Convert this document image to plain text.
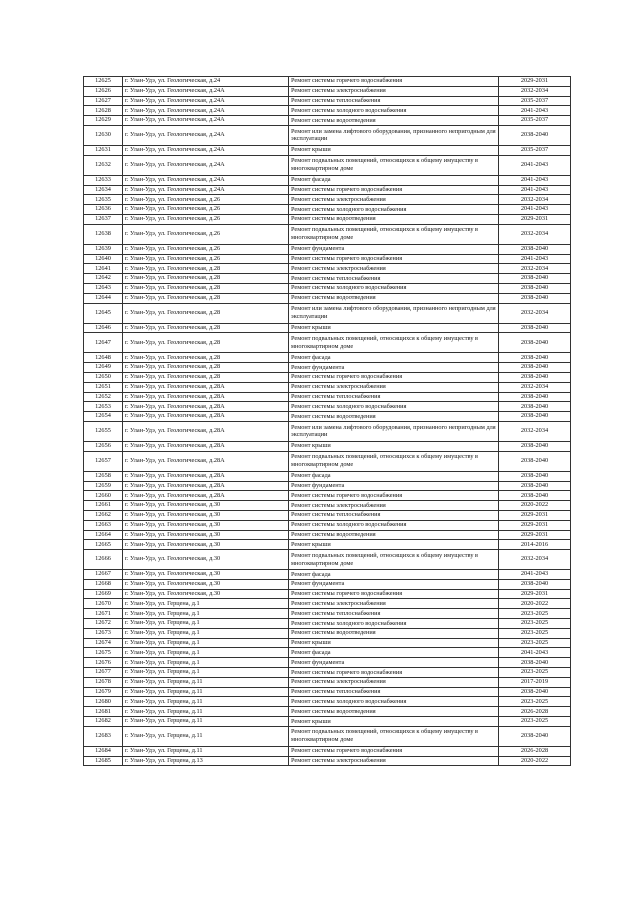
12625	г. Улан-Удэ, ул. Геологическая, д.24	Ремонт системы горячего водоснабжения	2029-2031
12626	г. Улан-Удэ, ул. Геологическая, д.24А	Ремонт системы электроснабжения	2032-2034
12627	г. Улан-Удэ, ул. Геологическая, д.24А	Ремонт системы теплоснабжения	2035-2037
12628	г. Улан-Удэ, ул. Геологическая, д.24А	Ремонт системы холодного водоснабжения	2041-2043
12629	г. Улан-Удэ, ул. Геологическая, д.24А	Ремонт системы водоотведения	2035-2037
12630	г. Улан-Удэ, ул. Геологическая, д.24А	Ремонт или замена лифтового оборудования, признанного непригодным для эксплуатации	2038-2040
12631	г. Улан-Удэ, ул. Геологическая, д.24А	Ремонт крыши	2035-2037
12632	г. Улан-Удэ, ул. Геологическая, д.24А	Ремонт подвальных помещений, относящихся к общему имуществу в многоквартирном доме	2041-2043
12633	г. Улан-Удэ, ул. Геологическая, д.24А	Ремонт фасада	2041-2043
12634	г. Улан-Удэ, ул. Геологическая, д.24А	Ремонт системы горячего водоснабжения	2041-2043
12635	г. Улан-Удэ, ул. Геологическая, д.26	Ремонт системы электроснабжения	2032-2034
12636	г. Улан-Удэ, ул. Геологическая, д.26	Ремонт системы холодного водоснабжения	2041-2043
12637	г. Улан-Удэ, ул. Геологическая, д.26	Ремонт системы водоотведения	2029-2031
12638	г. Улан-Удэ, ул. Геологическая, д.26	Ремонт подвальных помещений, относящихся к общему имуществу в многоквартирном доме	2032-2034
12639	г. Улан-Удэ, ул. Геологическая, д.26	Ремонт фундамента	2038-2040
12640	г. Улан-Удэ, ул. Геологическая, д.26	Ремонт системы горячего водоснабжения	2041-2043
12641	г. Улан-Удэ, ул. Геологическая, д.28	Ремонт системы электроснабжения	2032-2034
12642	г. Улан-Удэ, ул. Геологическая, д.28	Ремонт системы теплоснабжения	2038-2040
12643	г. Улан-Удэ, ул. Геологическая, д.28	Ремонт системы холодного водоснабжения	2038-2040
12644	г. Улан-Удэ, ул. Геологическая, д.28	Ремонт системы водоотведения	2038-2040
12645	г. Улан-Удэ, ул. Геологическая, д.28	Ремонт или замена лифтового оборудования, признанного непригодным для эксплуатации	2032-2034
12646	г. Улан-Удэ, ул. Геологическая, д.28	Ремонт крыши	2038-2040
12647	г. Улан-Удэ, ул. Геологическая, д.28	Ремонт подвальных помещений, относящихся к общему имуществу в многоквартирном доме	2038-2040
12648	г. Улан-Удэ, ул. Геологическая, д.28	Ремонт фасада	2038-2040
12649	г. Улан-Удэ, ул. Геологическая, д.28	Ремонт фундамента	2038-2040
12650	г. Улан-Удэ, ул. Геологическая, д.28	Ремонт системы горячего водоснабжения	2038-2040
12651	г. Улан-Удэ, ул. Геологическая, д.28А	Ремонт системы электроснабжения	2032-2034
12652	г. Улан-Удэ, ул. Геологическая, д.28А	Ремонт системы теплоснабжения	2038-2040
12653	г. Улан-Удэ, ул. Геологическая, д.28А	Ремонт системы холодного водоснабжения	2038-2040
12654	г. Улан-Удэ, ул. Геологическая, д.28А	Ремонт системы водоотведения	2038-2040
12655	г. Улан-Удэ, ул. Геологическая, д.28А	Ремонт или замена лифтового оборудования, признанного непригодным для эксплуатации	2032-2034
12656	г. Улан-Удэ, ул. Геологическая, д.28А	Ремонт крыши	2038-2040
12657	г. Улан-Удэ, ул. Геологическая, д.28А	Ремонт подвальных помещений, относящихся к общему имуществу в многоквартирном доме	2038-2040
12658	г. Улан-Удэ, ул. Геологическая, д.28А	Ремонт фасада	2038-2040
12659	г. Улан-Удэ, ул. Геологическая, д.28А	Ремонт фундамента	2038-2040
12660	г. Улан-Удэ, ул. Геологическая, д.28А	Ремонт системы горячего водоснабжения	2038-2040
12661	г. Улан-Удэ, ул. Геологическая, д.30	Ремонт системы электроснабжения	2020-2022
12662	г. Улан-Удэ, ул. Геологическая, д.30	Ремонт системы теплоснабжения	2029-2031
12663	г. Улан-Удэ, ул. Геологическая, д.30	Ремонт системы холодного водоснабжения	2029-2031
12664	г. Улан-Удэ, ул. Геологическая, д.30	Ремонт системы водоотведения	2029-2031
12665	г. Улан-Удэ, ул. Геологическая, д.30	Ремонт крыши	2014-2016
12666	г. Улан-Удэ, ул. Геологическая, д.30	Ремонт подвальных помещений, относящихся к общему имуществу в многоквартирном доме	2032-2034
12667	г. Улан-Удэ, ул. Геологическая, д.30	Ремонт фасада	2041-2043
12668	г. Улан-Удэ, ул. Геологическая, д.30	Ремонт фундамента	2038-2040
12669	г. Улан-Удэ, ул. Геологическая, д.30	Ремонт системы горячего водоснабжения	2029-2031
12670	г. Улан-Удэ, ул. Герцена, д.1	Ремонт системы электроснабжения	2020-2022
12671	г. Улан-Удэ, ул. Герцена, д.1	Ремонт системы теплоснабжения	2023-2025
12672	г. Улан-Удэ, ул. Герцена, д.1	Ремонт системы холодного водоснабжения	2023-2025
12673	г. Улан-Удэ, ул. Герцена, д.1	Ремонт системы водоотведения	2023-2025
12674	г. Улан-Удэ, ул. Герцена, д.1	Ремонт крыши	2023-2025
12675	г. Улан-Удэ, ул. Герцена, д.1	Ремонт фасада	2041-2043
12676	г. Улан-Удэ, ул. Герцена, д.1	Ремонт фундамента	2038-2040
12677	г. Улан-Удэ, ул. Герцена, д.1	Ремонт системы горячего водоснабжения	2023-2025
12678	г. Улан-Удэ, ул. Герцена, д.11	Ремонт системы электроснабжения	2017-2019
12679	г. Улан-Удэ, ул. Герцена, д.11	Ремонт системы теплоснабжения	2038-2040
12680	г. Улан-Удэ, ул. Герцена, д.11	Ремонт системы холодного водоснабжения	2023-2025
12681	г. Улан-Удэ, ул. Герцена, д.11	Ремонт системы водоотведения	2026-2028
12682	г. Улан-Удэ, ул. Герцена, д.11	Ремонт крыши	2023-2025
12683	г. Улан-Удэ, ул. Герцена, д.11	Ремонт подвальных помещений, относящихся к общему имуществу в многоквартирном доме	2038-2040
12684	г. Улан-Удэ, ул. Герцена, д.11	Ремонт системы горячего водоснабжения	2026-2028
12685	г. Улан-Удэ, ул. Герцена, д.13	Ремонт системы электроснабжения	2020-2022
